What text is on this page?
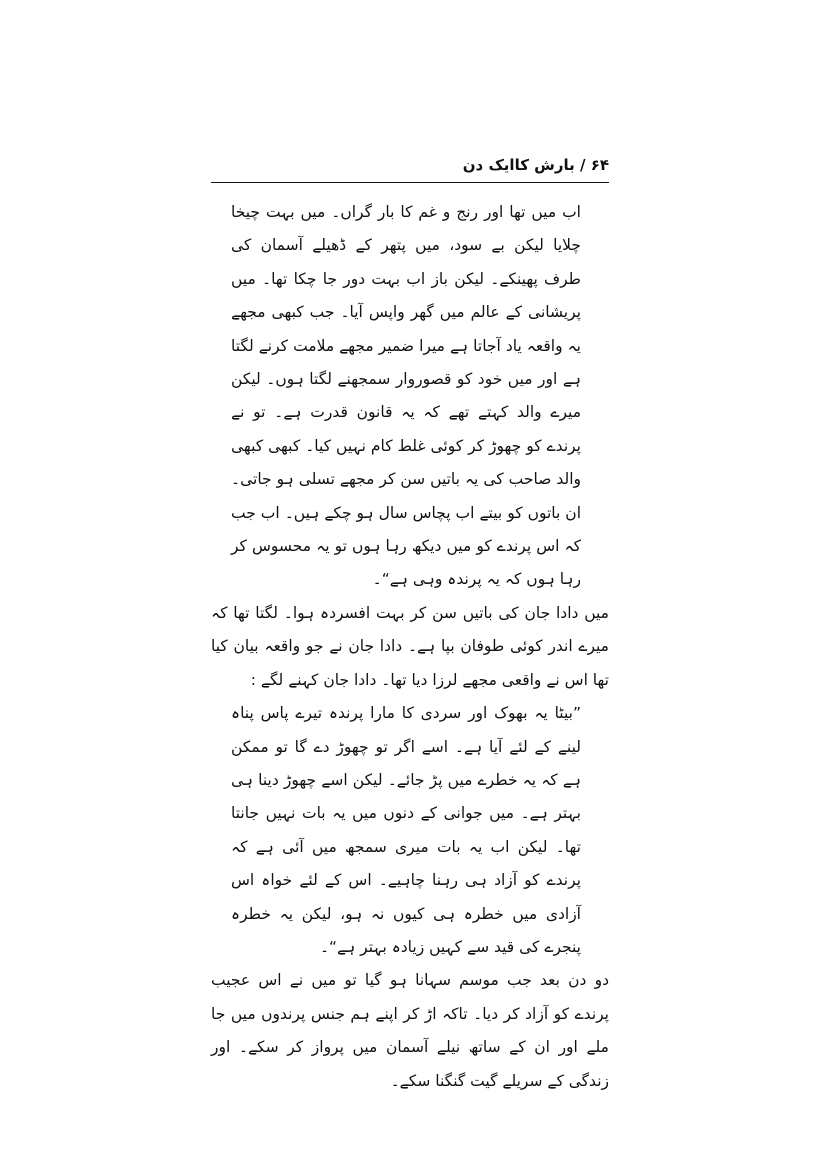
۶۴ / بارش کاایک دن

اب میں تھا اور رنج و غم کا بار گراں۔ میں بہت چیخا چلایا لیکن بے سود، میں پتھر کے ڈھیلے آسمان کی طرف پھینکے۔ لیکن باز اب بہت دور جا چکا تھا۔ میں پریشانی کے عالم میں گھر واپس آیا۔ جب کبھی مجھے یہ واقعہ یاد آجاتا ہے میرا ضمیر مجھے ملامت کرنے لگتا ہے اور میں خود کو قصوروار سمجھنے لگتا ہوں۔ لیکن میرے والد کہتے تھے کہ یہ قانون قدرت ہے۔ تو نے پرندے کو چھوڑ کر کوئی غلط کام نہیں کیا۔ کبھی کبھی والد صاحب کی یہ باتیں سن کر مجھے تسلی ہو جاتی۔ ان باتوں کو بیتے اب پچاس سال ہو چکے ہیں۔ اب جب کہ اس پرندے کو میں دیکھ رہا ہوں تو یہ محسوس کر رہا ہوں کہ یہ پرندہ وہی ہے“۔

میں دادا جان کی باتیں سن کر بہت افسردہ ہوا۔ لگتا تھا کہ میرے اندر کوئی طوفان بپا ہے۔ دادا جان نے جو واقعہ بیان کیا تھا اس نے واقعی مجھے لرزا دیا تھا۔ دادا جان کہنے لگے :

”بیٹا یہ بھوک اور سردی کا مارا پرندہ تیرے پاس پناہ لینے کے لئے آیا ہے۔ اسے اگر تو چھوڑ دے گا تو ممکن ہے کہ یہ خطرے میں پڑ جائے۔ لیکن اسے چھوڑ دینا ہی بہتر ہے۔ میں جوانی کے دنوں میں یہ بات نہیں جانتا تھا۔ لیکن اب یہ بات میری سمجھ میں آئی ہے کہ پرندے کو آزاد ہی رہنا چاہیے۔ اس کے لئے خواہ اس آزادی میں خطرہ ہی کیوں نہ ہو، لیکن یہ خطرہ پنجرے کی قید سے کہیں زیادہ بہتر ہے“۔

دو دن بعد جب موسم سہانا ہو گیا تو میں نے اس عجیب پرندے کو آزاد کر دیا۔ تاکہ اڑ کر اپنے ہم جنس پرندوں میں جا ملے اور ان کے ساتھ نیلے آسمان میں پرواز کر سکے۔ اور زندگی کے سریلے گیت گنگنا سکے۔
